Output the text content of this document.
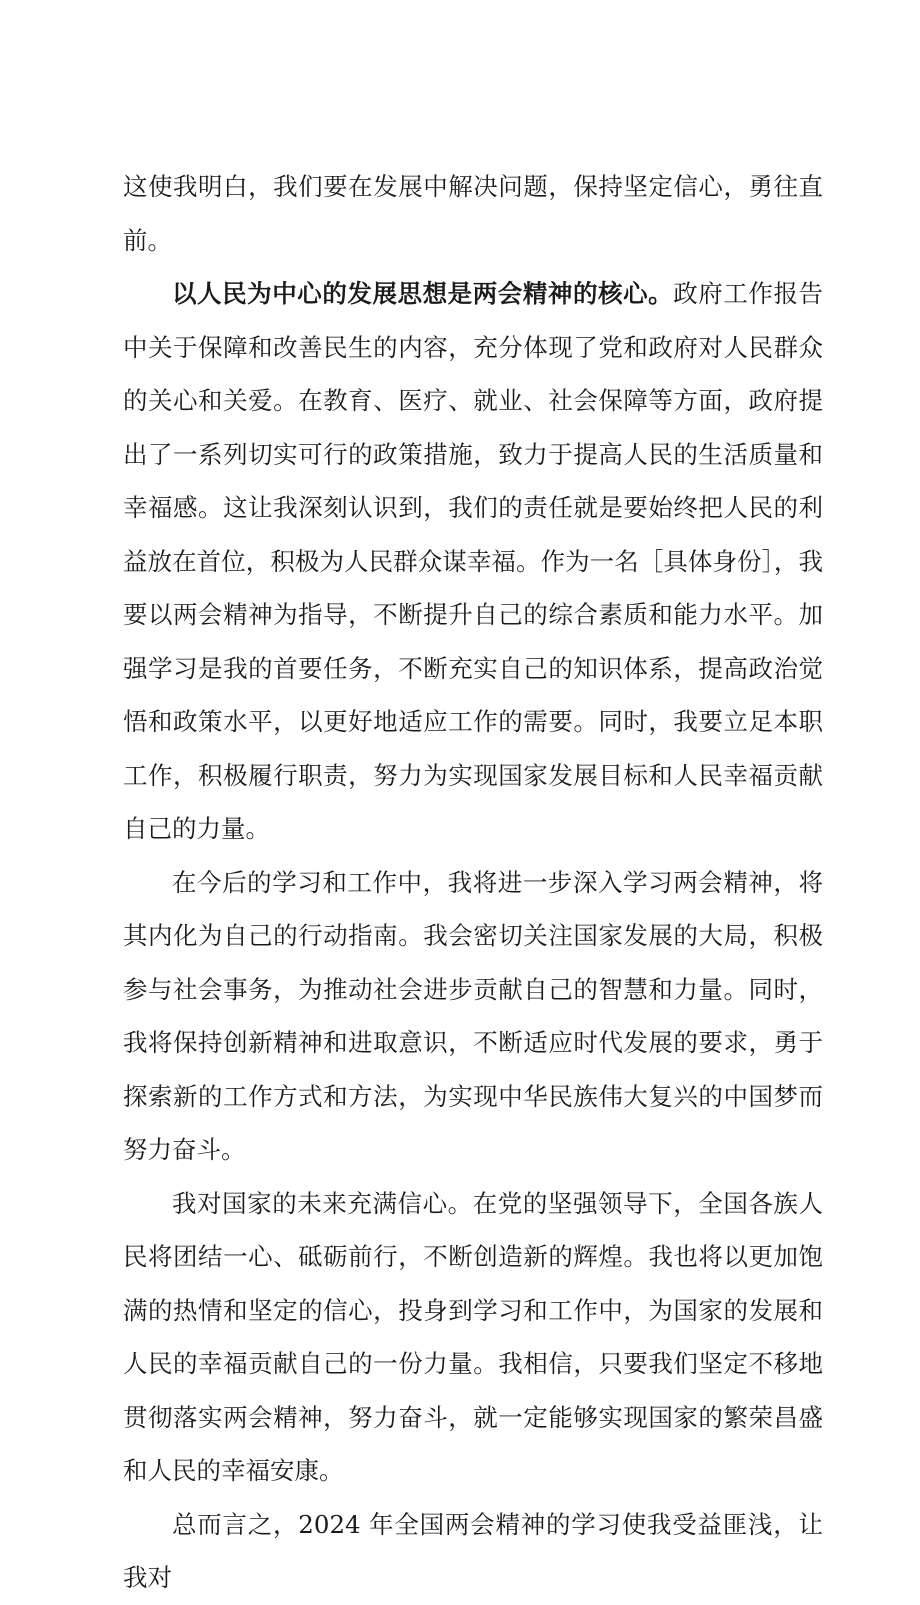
这使我明白，我们要在发展中解决问题，保持坚定信心，勇往直前。

以人民为中心的发展思想是两会精神的核心。政府工作报告中关于保障和改善民生的内容，充分体现了党和政府对人民群众的关心和关爱。在教育、医疗、就业、社会保障等方面，政府提出了一系列切实可行的政策措施，致力于提高人民的生活质量和幸福感。这让我深刻认识到，我们的责任就是要始终把人民的利益放在首位，积极为人民群众谋幸福。作为一名［具体身份］，我要以两会精神为指导，不断提升自己的综合素质和能力水平。加强学习是我的首要任务，不断充实自己的知识体系，提高政治觉悟和政策水平，以更好地适应工作的需要。同时，我要立足本职工作，积极履行职责，努力为实现国家发展目标和人民幸福贡献自己的力量。

在今后的学习和工作中，我将进一步深入学习两会精神，将其内化为自己的行动指南。我会密切关注国家发展的大局，积极参与社会事务，为推动社会进步贡献自己的智慧和力量。同时，我将保持创新精神和进取意识，不断适应时代发展的要求，勇于探索新的工作方式和方法，为实现中华民族伟大复兴的中国梦而努力奋斗。

我对国家的未来充满信心。在党的坚强领导下，全国各族人民将团结一心、砥砺前行，不断创造新的辉煌。我也将以更加饱满的热情和坚定的信心，投身到学习和工作中，为国家的发展和人民的幸福贡献自己的一份力量。我相信，只要我们坚定不移地贯彻落实两会精神，努力奋斗，就一定能够实现国家的繁荣昌盛和人民的幸福安康。

总而言之，2024 年全国两会精神的学习使我受益匪浅，让我对
